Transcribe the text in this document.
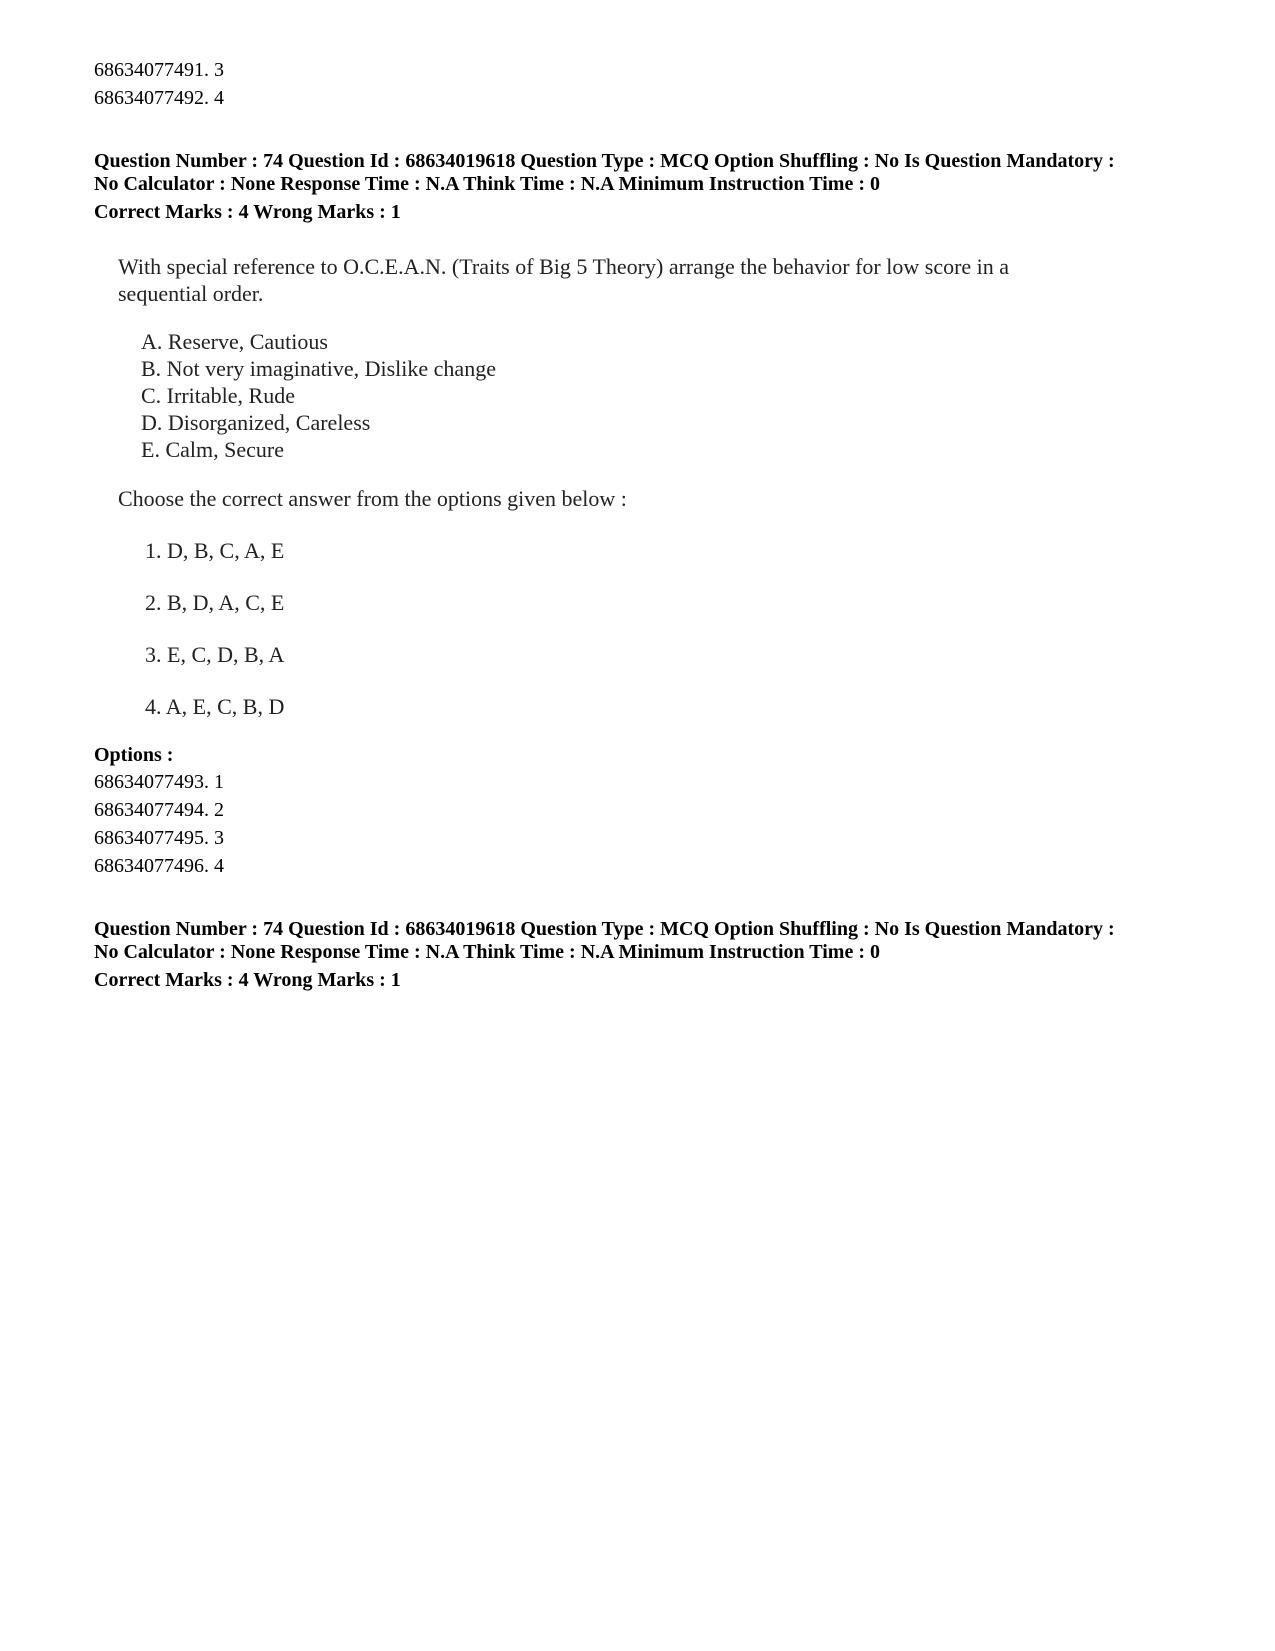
68634077491. 3
68634077492. 4
Question Number : 74 Question Id : 68634019618 Question Type : MCQ Option Shuffling : No Is Question Mandatory :
No Calculator : None Response Time : N.A Think Time : N.A Minimum Instruction Time : 0
Correct Marks : 4 Wrong Marks : 1
With special reference to O.C.E.A.N. (Traits of Big 5 Theory) arrange the behavior for low score in a
sequential order.
A. Reserve, Cautious
B. Not very imaginative, Dislike change
C. Irritable, Rude
D. Disorganized, Careless
E. Calm, Secure
Choose the correct answer from the options given below :
1. D, B, C, A, E
2. B, D, A, C, E
3. E, C, D, B, A
4. A, E, C, B, D
Options :
68634077493. 1
68634077494. 2
68634077495. 3
68634077496. 4
Question Number : 74 Question Id : 68634019618 Question Type : MCQ Option Shuffling : No Is Question Mandatory :
No Calculator : None Response Time : N.A Think Time : N.A Minimum Instruction Time : 0
Correct Marks : 4 Wrong Marks : 1
